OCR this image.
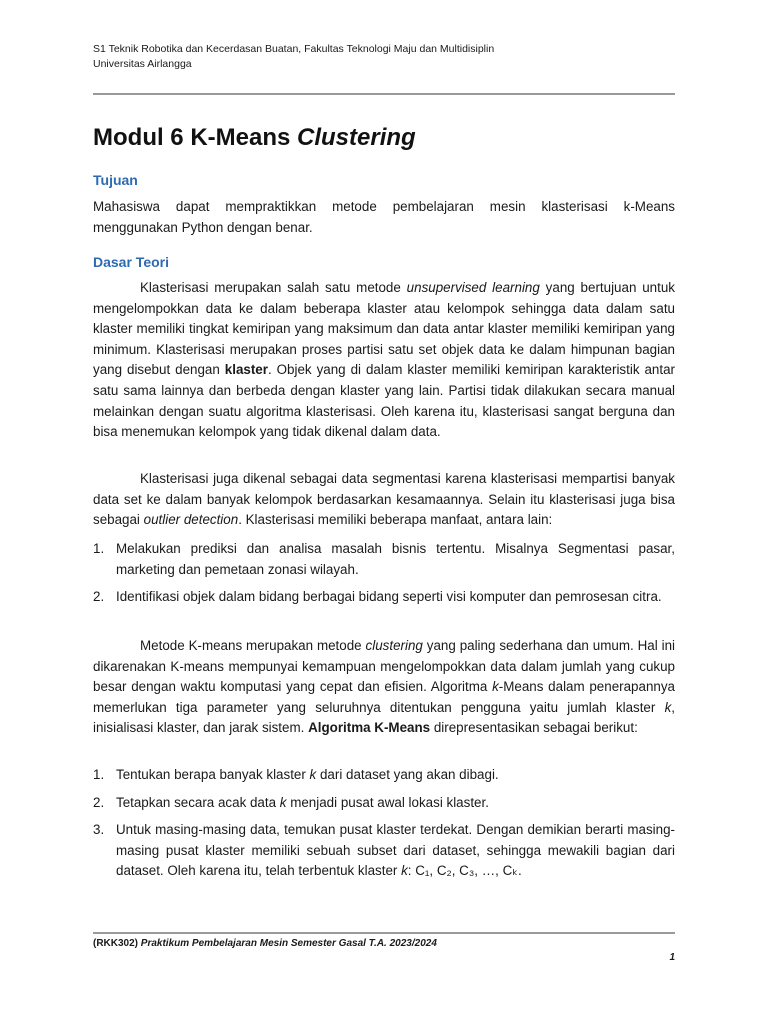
S1 Teknik Robotika dan Kecerdasan Buatan, Fakultas Teknologi Maju dan Multidisiplin
Universitas Airlangga
Modul 6 K-Means Clustering
Tujuan
Mahasiswa dapat mempraktikkan metode pembelajaran mesin klasterisasi k-Means menggunakan Python dengan benar.
Dasar Teori
Klasterisasi merupakan salah satu metode unsupervised learning yang bertujuan untuk mengelompokkan data ke dalam beberapa klaster atau kelompok sehingga data dalam satu klaster memiliki tingkat kemiripan yang maksimum dan data antar klaster memiliki kemiripan yang minimum. Klasterisasi merupakan proses partisi satu set objek data ke dalam himpunan bagian yang disebut dengan klaster. Objek yang di dalam klaster memiliki kemiripan karakteristik antar satu sama lainnya dan berbeda dengan klaster yang lain. Partisi tidak dilakukan secara manual melainkan dengan suatu algoritma klasterisasi. Oleh karena itu, klasterisasi sangat berguna dan bisa menemukan kelompok yang tidak dikenal dalam data.
Klasterisasi juga dikenal sebagai data segmentasi karena klasterisasi mempartisi banyak data set ke dalam banyak kelompok berdasarkan kesamaannya. Selain itu klasterisasi juga bisa sebagai outlier detection. Klasterisasi memiliki beberapa manfaat, antara lain:
1. Melakukan prediksi dan analisa masalah bisnis tertentu. Misalnya Segmentasi pasar, marketing dan pemetaan zonasi wilayah.
2. Identifikasi objek dalam bidang berbagai bidang seperti visi komputer dan pemrosesan citra.
Metode K-means merupakan metode clustering yang paling sederhana dan umum. Hal ini dikarenakan K-means mempunyai kemampuan mengelompokkan data dalam jumlah yang cukup besar dengan waktu komputasi yang cepat dan efisien. Algoritma k-Means dalam penerapannya memerlukan tiga parameter yang seluruhnya ditentukan pengguna yaitu jumlah klaster k, inisialisasi klaster, dan jarak sistem. Algoritma K-Means direpresentasikan sebagai berikut:
1. Tentukan berapa banyak klaster k dari dataset yang akan dibagi.
2. Tetapkan secara acak data k menjadi pusat awal lokasi klaster.
3. Untuk masing-masing data, temukan pusat klaster terdekat. Dengan demikian berarti masing-masing pusat klaster memiliki sebuah subset dari dataset, sehingga mewakili bagian dari dataset. Oleh karena itu, telah terbentuk klaster k: C₁, C₂, C₃, …, Cₖ.
(RKK302) Praktikum Pembelajaran Mesin Semester Gasal T.A. 2023/2024
1
